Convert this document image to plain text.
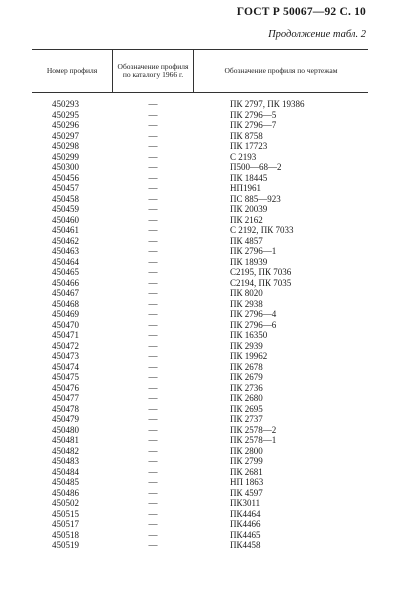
ГОСТ Р 50067—92 С. 10
Продолжение табл. 2
Номер профиля	Обозначение профиля по каталогу 1966 г.	Обозначение профиля по чертежам
450293	—	ПК 2797, ПК 19386
450295	—	ПК 2796—5
450296	—	ПК 2796—7
450297	—	ПК 8758
450298	—	ПК 17723
450299	—	С 2193
450300	—	П500—68—2
450456	—	ПК 18445
450457	—	НП1961
450458	—	ПС 885—923
450459	—	ПК 20039
450460	—	ПК 2162
450461	—	С 2192, ПК 7033
450462	—	ПК 4857
450463	—	ПК 2796—1
450464	—	ПК 18939
450465	—	С2195, ПК 7036
450466	—	С2194, ПК 7035
450467	—	ПК 8020
450468	—	ПК 2938
450469	—	ПК 2796—4
450470	—	ПК 2796—6
450471	—	ПК 16350
450472	—	ПК 2939
450473	—	ПК 19962
450474	—	ПК 2678
450475	—	ПК 2679
450476	—	ПК 2736
450477	—	ПК 2680
450478	—	ПК 2695
450479	—	ПК 2737
450480	—	ПК 2578—2
450481	—	ПК 2578—1
450482	—	ПК 2800
450483	—	ПК 2799
450484	—	ПК 2681
450485	—	НП 1863
450486	—	ПК 4597
450502	—	ПК3011
450515	—	ПК4464
450517	—	ПК4466
450518	—	ПК4465
450519	—	ПК4458
